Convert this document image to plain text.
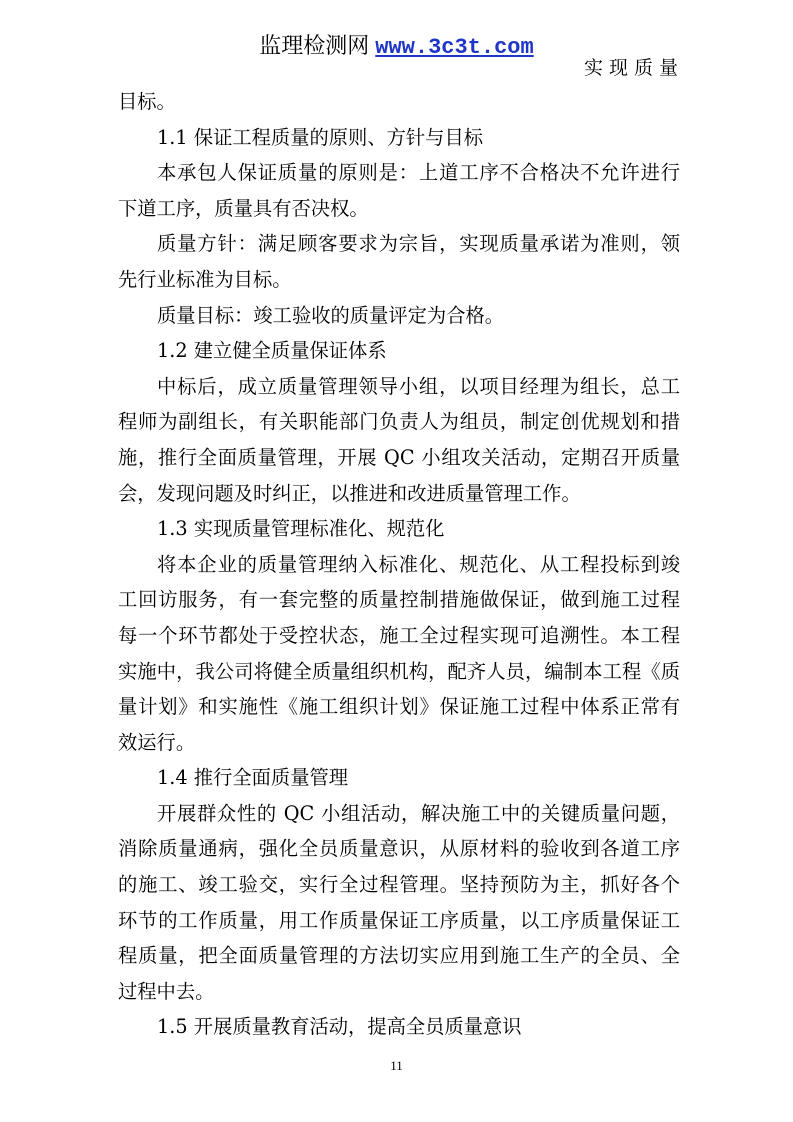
监理检测网 www.3c3t.com
实现质量
目标。
1.1 保证工程质量的原则、方针与目标
本承包人保证质量的原则是：上道工序不合格决不允许进行
下道工序，质量具有否决权。
质量方针：满足顾客要求为宗旨，实现质量承诺为准则，领
先行业标准为目标。
质量目标：竣工验收的质量评定为合格。
1.2 建立健全质量保证体系
中标后，成立质量管理领导小组，以项目经理为组长，总工
程师为副组长，有关职能部门负责人为组员，制定创优规划和措
施，推行全面质量管理，开展 QC 小组攻关活动，定期召开质量
会，发现问题及时纠正，以推进和改进质量管理工作。
1.3 实现质量管理标准化、规范化
将本企业的质量管理纳入标准化、规范化、从工程投标到竣
工回访服务，有一套完整的质量控制措施做保证，做到施工过程
每一个环节都处于受控状态，施工全过程实现可追溯性。本工程
实施中，我公司将健全质量组织机构，配齐人员，编制本工程《质
量计划》和实施性《施工组织计划》保证施工过程中体系正常有
效运行。
1.4 推行全面质量管理
开展群众性的 QC 小组活动，解决施工中的关键质量问题，
消除质量通病，强化全员质量意识，从原材料的验收到各道工序
的施工、竣工验交，实行全过程管理。坚持预防为主，抓好各个
环节的工作质量，用工作质量保证工序质量，以工序质量保证工
程质量，把全面质量管理的方法切实应用到施工生产的全员、全
过程中去。
1.5 开展质量教育活动，提高全员质量意识
11
